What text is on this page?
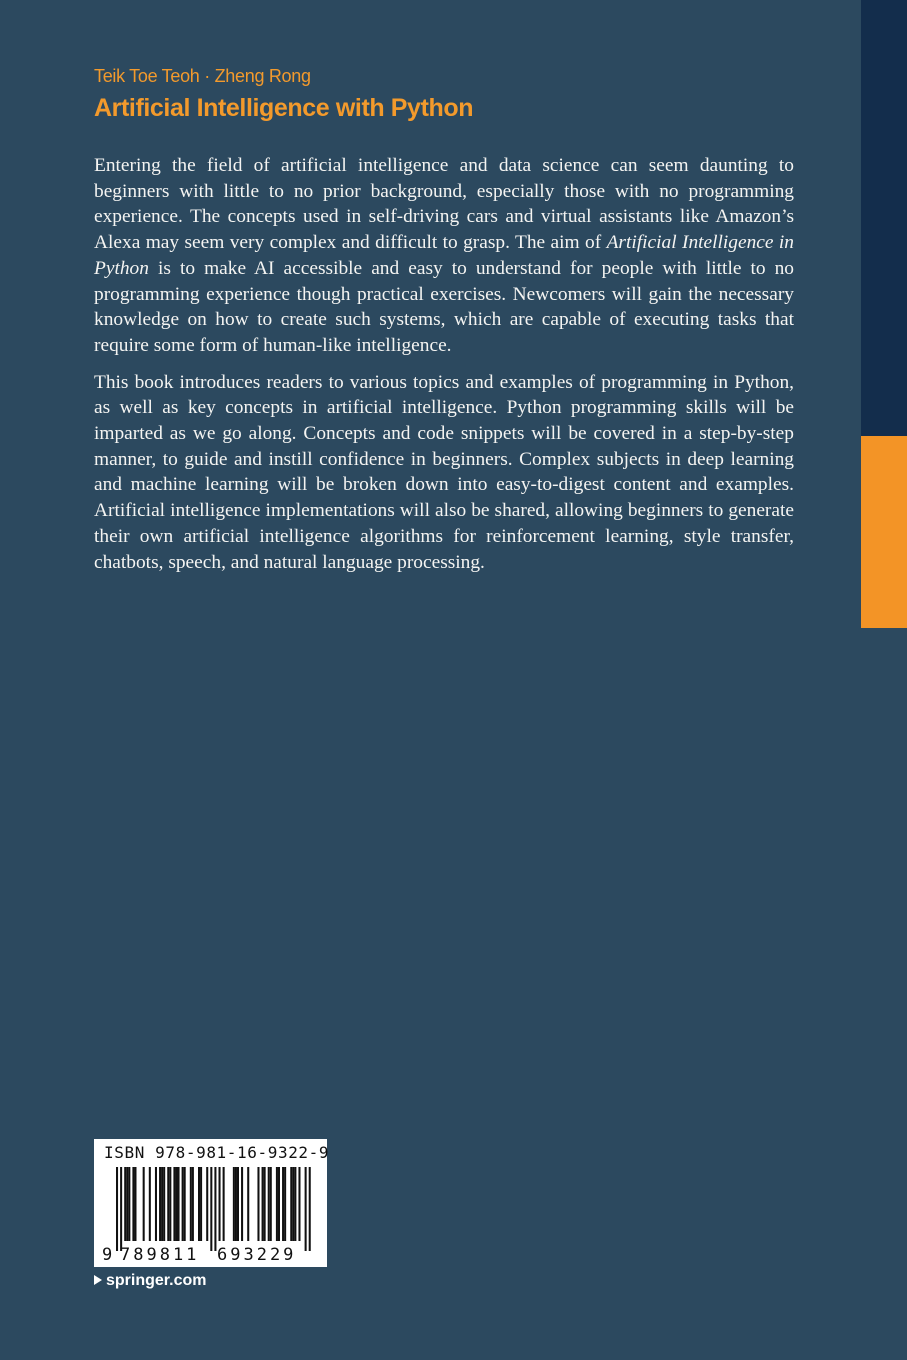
Teik Toe Teoh · Zheng Rong
Artificial Intelligence with Python

Entering the field of artificial intelligence and data science can seem daunting to beginners with little to no prior background, especially those with no programming experience. The concepts used in self-driving cars and virtual assistants like Amazon’s Alexa may seem very complex and difficult to grasp. The aim of Artificial Intelligence in Python is to make AI accessible and easy to understand for people with little to no programming experience though practical exercises. Newcomers will gain the necessary knowledge on how to create such systems, which are capable of executing tasks that require some form of human-like intelligence.

This book introduces readers to various topics and examples of programming in Python, as well as key concepts in artificial intelligence. Python programming skills will be imparted as we go along. Concepts and code snippets will be covered in a step-by-step manner, to guide and instill confidence in beginners. Complex subjects in deep learning and machine learning will be broken down into easy-to-digest content and examples. Artificial intelligence implementations will also be shared, allowing beginners to generate their own artificial intelligence algorithms for reinforcement learning, style transfer, chatbots, speech, and natural language processing.

ISBN 978-981-16-9322-9
9 789811 693229
springer.com
